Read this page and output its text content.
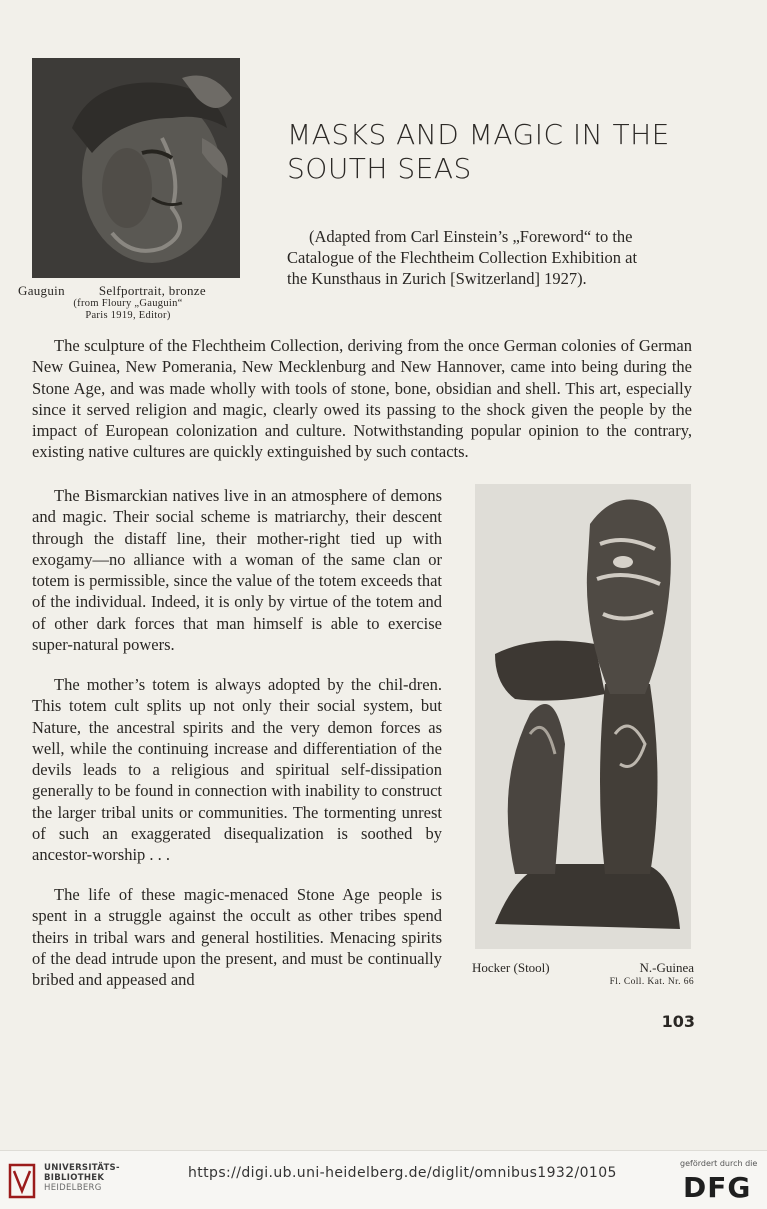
Gauguin	Selfportrait, bronze
(from Floury „Gauguin“
Paris 1919, Editor)
MASKS AND MAGIC IN THE
SOUTH SEAS
(Adapted from Carl Einstein’s „Foreword“ to the
Catalogue of the Flechtheim Collection Exhibition at
the Kunsthaus in Zurich [Switzerland] 1927).
The sculpture of the Flechtheim Collection, deriving from the once German colonies of German New Guinea, New Pomerania, New Mecklenburg and New Hannover, came into being during the Stone Age, and was made wholly with tools of stone, bone, obsidian and shell. This art, especially since it served religion and magic, clearly owed its passing to the shock given the people by the impact of European colonization and culture. Notwithstanding popular opinion to the contrary, existing native cultures are quickly extinguished by such contacts.
The Bismarckian natives live in an atmosphere of demons and magic. Their social scheme is matriarchy, their descent through the distaff line, their mother-right tied up with exogamy—no alliance with a woman of the same clan or totem is permissible, since the value of the totem exceeds that of the individual. Indeed, it is only by virtue of the totem and of other dark forces that man himself is able to exercise super-natural powers.
The mother’s totem is always adopted by the chil-dren. This totem cult splits up not only their social system, but Nature, the ancestral spirits and the very demon forces as well, while the continuing increase and differentiation of the devils leads to a religious and spiritual self-dissipation generally to be found in connection with inability to construct the larger tribal units or communities. The tormenting unrest of such an exaggerated disequalization is soothed by ancestor-worship . . .
The life of these magic-menaced Stone Age people is spent in a struggle against the occult as other tribes spend theirs in tribal wars and general hostilities. Menacing spirits of the dead intrude upon the present, and must be continually bribed and appeased and
Hocker (Stool)	N.-Guinea
Fl. Coll. Kat. Nr. 66
103
UNIVERSITÄTS-
BIBLIOTHEK
HEIDELBERG
https://digi.ub.uni-heidelberg.de/diglit/omnibus1932/0105
gefördert durch die
DFG
